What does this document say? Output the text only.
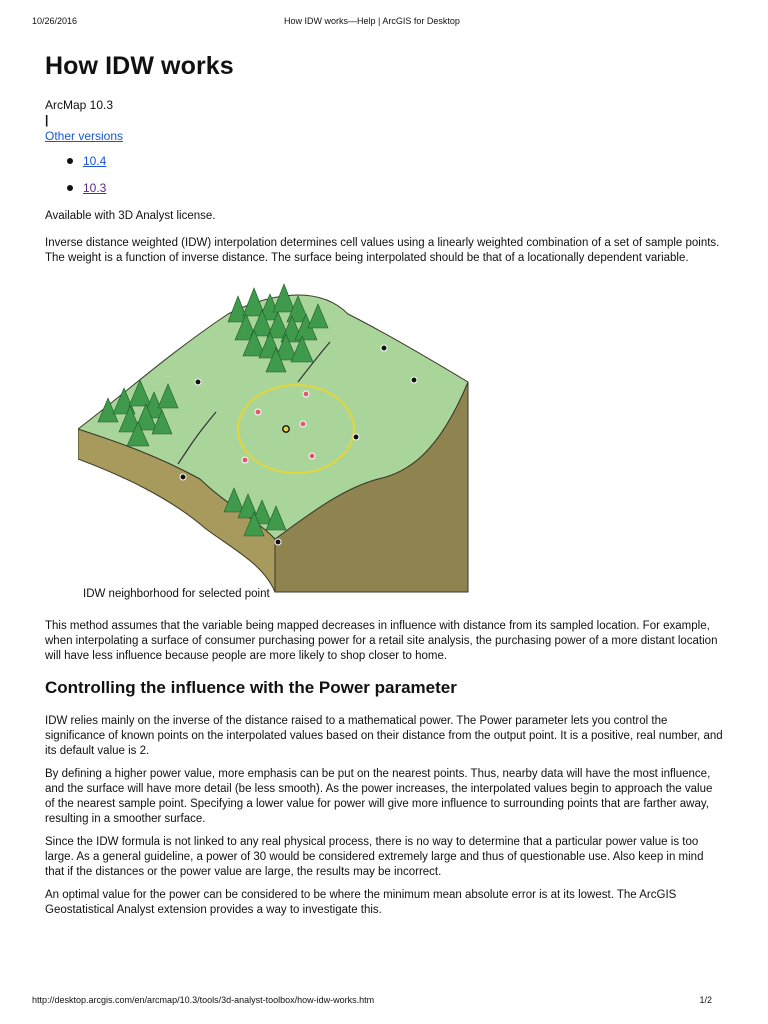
10/26/2016	How IDW works—Help | ArcGIS for Desktop
How IDW works
ArcMap 10.3
|
Other versions
10.4
10.3

Available with 3D Analyst license.

Inverse distance weighted (IDW) interpolation determines cell values using a linearly weighted combination of a set of sample points. The weight is a function of inverse distance. The surface being interpolated should be that of a locationally dependent variable.

IDW neighborhood for selected point

This method assumes that the variable being mapped decreases in influence with distance from its sampled location. For example, when interpolating a surface of consumer purchasing power for a retail site analysis, the purchasing power of a more distant location will have less influence because people are more likely to shop closer to home.

Controlling the influence with the Power parameter

IDW relies mainly on the inverse of the distance raised to a mathematical power. The Power parameter lets you control the significance of known points on the interpolated values based on their distance from the output point. It is a positive, real number, and its default value is 2.

By defining a higher power value, more emphasis can be put on the nearest points. Thus, nearby data will have the most influence, and the surface will have more detail (be less smooth). As the power increases, the interpolated values begin to approach the value of the nearest sample point. Specifying a lower value for power will give more influence to surrounding points that are farther away, resulting in a smoother surface.

Since the IDW formula is not linked to any real physical process, there is no way to determine that a particular power value is too large. As a general guideline, a power of 30 would be considered extremely large and thus of questionable use. Also keep in mind that if the distances or the power value are large, the results may be incorrect.

An optimal value for the power can be considered to be where the minimum mean absolute error is at its lowest. The ArcGIS Geostatistical Analyst extension provides a way to investigate this.

http://desktop.arcgis.com/en/arcmap/10.3/tools/3d-analyst-toolbox/how-idw-works.htm	1/2
